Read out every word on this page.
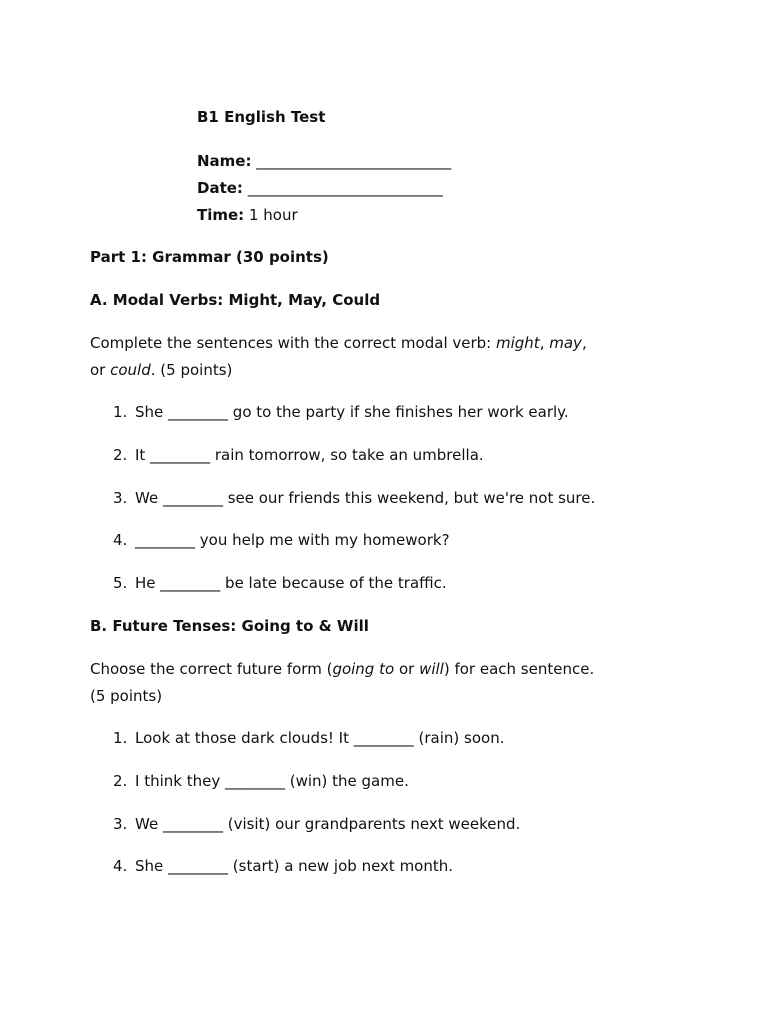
B1 English Test
Name: __________________________
Date: __________________________
Time: 1 hour
Part 1: Grammar (30 points)
A. Modal Verbs: Might, May, Could
Complete the sentences with the correct modal verb: might, may,
or could. (5 points)
1. She ________ go to the party if she finishes her work early.
2. It ________ rain tomorrow, so take an umbrella.
3. We ________ see our friends this weekend, but we're not sure.
4. ________ you help me with my homework?
5. He ________ be late because of the traffic.
B. Future Tenses: Going to & Will
Choose the correct future form (going to or will) for each sentence.
(5 points)
1. Look at those dark clouds! It ________ (rain) soon.
2. I think they ________ (win) the game.
3. We ________ (visit) our grandparents next weekend.
4. She ________ (start) a new job next month.
